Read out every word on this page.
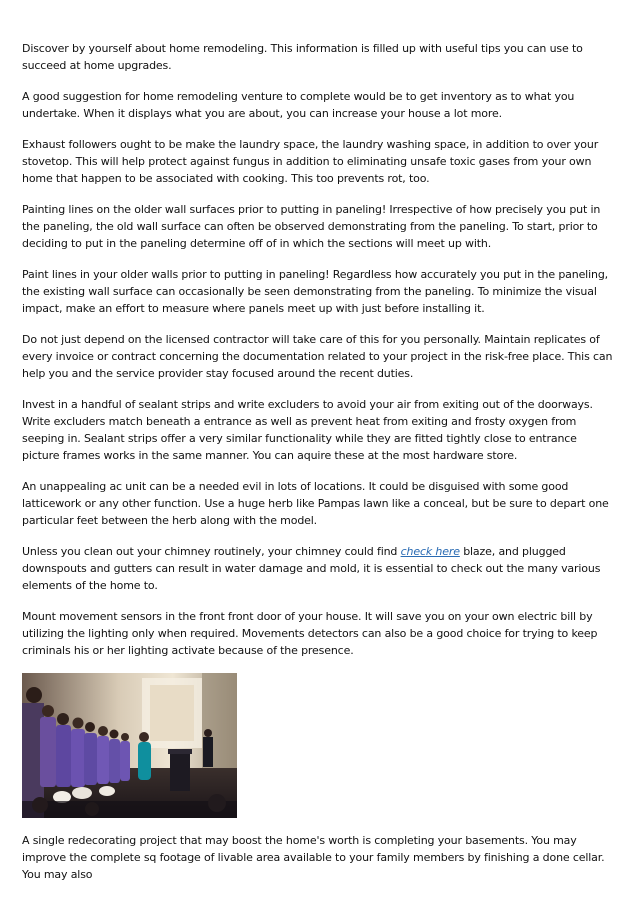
Discover by yourself about home remodeling. This information is filled up with useful tips you can use to succeed at home upgrades.

A good suggestion for home remodeling venture to complete would be to get inventory as to what you undertake. When it displays what you are about, you can increase your house a lot more.

Exhaust followers ought to be make the laundry space, the laundry washing space, in addition to over your stovetop. This will help protect against fungus in addition to eliminating unsafe toxic gases from your own home that happen to be associated with cooking. This too prevents rot, too.

Painting lines on the older wall surfaces prior to putting in paneling! Irrespective of how precisely you put in the paneling, the old wall surface can often be observed demonstrating from the paneling. To start, prior to deciding to put in the paneling determine off of in which the sections will meet up with.

Paint lines in your older walls prior to putting in paneling! Regardless how accurately you put in the paneling, the existing wall surface can occasionally be seen demonstrating from the paneling. To minimize the visual impact, make an effort to measure where panels meet up with just before installing it.

Do not just depend on the licensed contractor will take care of this for you personally. Maintain replicates of every invoice or contract concerning the documentation related to your project in the risk-free place. This can help you and the service provider stay focused around the recent duties.

Invest in a handful of sealant strips and write excluders to avoid your air from exiting out of the doorways. Write excluders match beneath a entrance as well as prevent heat from exiting and frosty oxygen from seeping in. Sealant strips offer a very similar functionality while they are fitted tightly close to entrance picture frames works in the same manner. You can aquire these at the most hardware store.

An unappealing ac unit can be a needed evil in lots of locations. It could be disguised with some good latticework or any other function. Use a huge herb like Pampas lawn like a conceal, but be sure to depart one particular feet between the herb along with the model.

Unless you clean out your chimney routinely, your chimney could find check here blaze, and plugged downspouts and gutters can result in water damage and mold, it is essential to check out the many various elements of the home to.

Mount movement sensors in the front front door of your house. It will save you on your own electric bill by utilizing the lighting only when required. Movements detectors can also be a good choice for trying to keep criminals his or her lighting activate because of the presence.

A single redecorating project that may boost the home's worth is completing your basements. You may improve the complete sq footage of livable area available to your family members by finishing a done cellar. You may also
